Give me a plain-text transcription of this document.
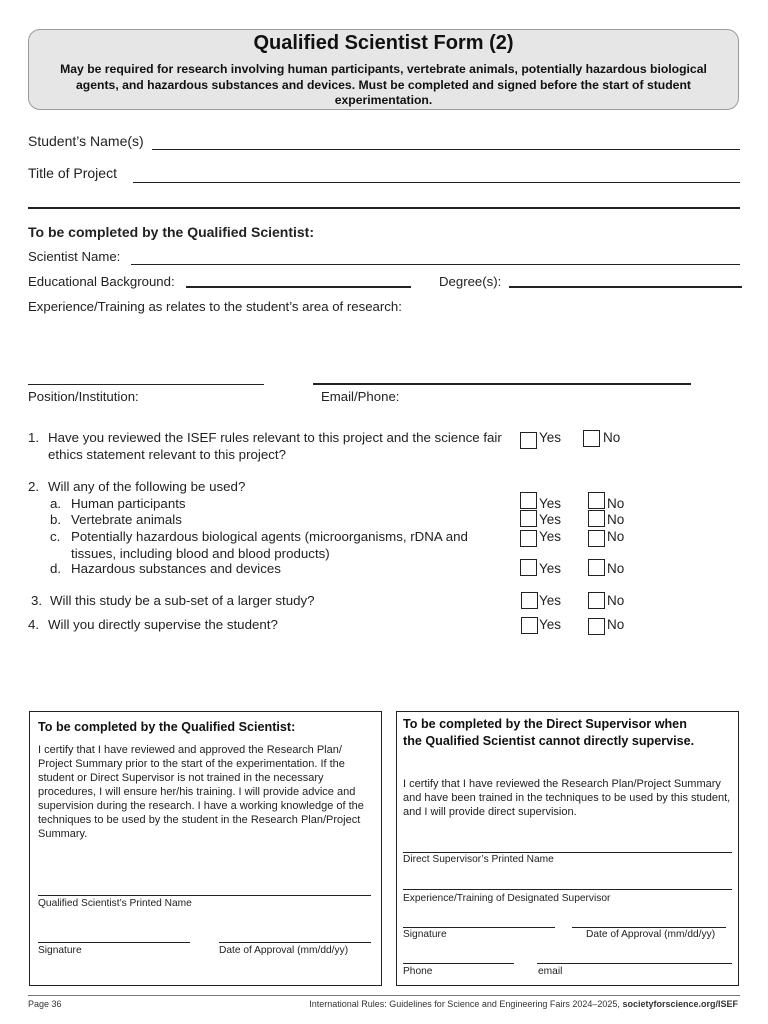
Qualified Scientist Form (2)
May be required for research involving human participants, vertebrate animals, potentially hazardous biological agents, and hazardous substances and devices. Must be completed and signed before the start of student experimentation.
Student’s Name(s)
Title of Project
To be completed by the Qualified Scientist:
Scientist Name:
Educational Background:	Degree(s):
Experience/Training as relates to the student’s area of research:
Position/Institution:	Email/Phone:
1. Have you reviewed the ISEF rules relevant to this project and the science fair ethics statement relevant to this project?
Yes	No
2. Will any of the following be used?
a. Human participants	Yes	No
b. Vertebrate animals	Yes	No
c. Potentially hazardous biological agents (microorganisms, rDNA and tissues, including blood and blood products)
Yes	No
d. Hazardous substances and devices	Yes	No
3. Will this study be a sub-set of a larger study?	Yes	No
4. Will you directly supervise the student?	Yes	No
To be completed by the Qualified Scientist:
I certify that I have reviewed and approved the Research Plan/ Project Summary prior to the start of the experimentation. If the student or Direct Supervisor is not trained in the necessary procedures, I will ensure her/his training. I will provide advice and supervision during the research. I have a working knowledge of the techniques to be used by the student in the Research Plan/Project Summary.
Qualified Scientist’s Printed Name
Signature	Date of Approval (mm/dd/yy)
To be completed by the Direct Supervisor when the Qualified Scientist cannot directly supervise.
I certify that I have reviewed the Research Plan/Project Summary and have been trained in the techniques to be used by this student, and I will provide direct supervision.
Direct Supervisor’s Printed Name
Experience/Training of Designated Supervisor
Signature	Date of Approval (mm/dd/yy)
Phone	email
Page 36	International Rules: Guidelines for Science and Engineering Fairs 2024–2025, societyforscience.org/ISEF
